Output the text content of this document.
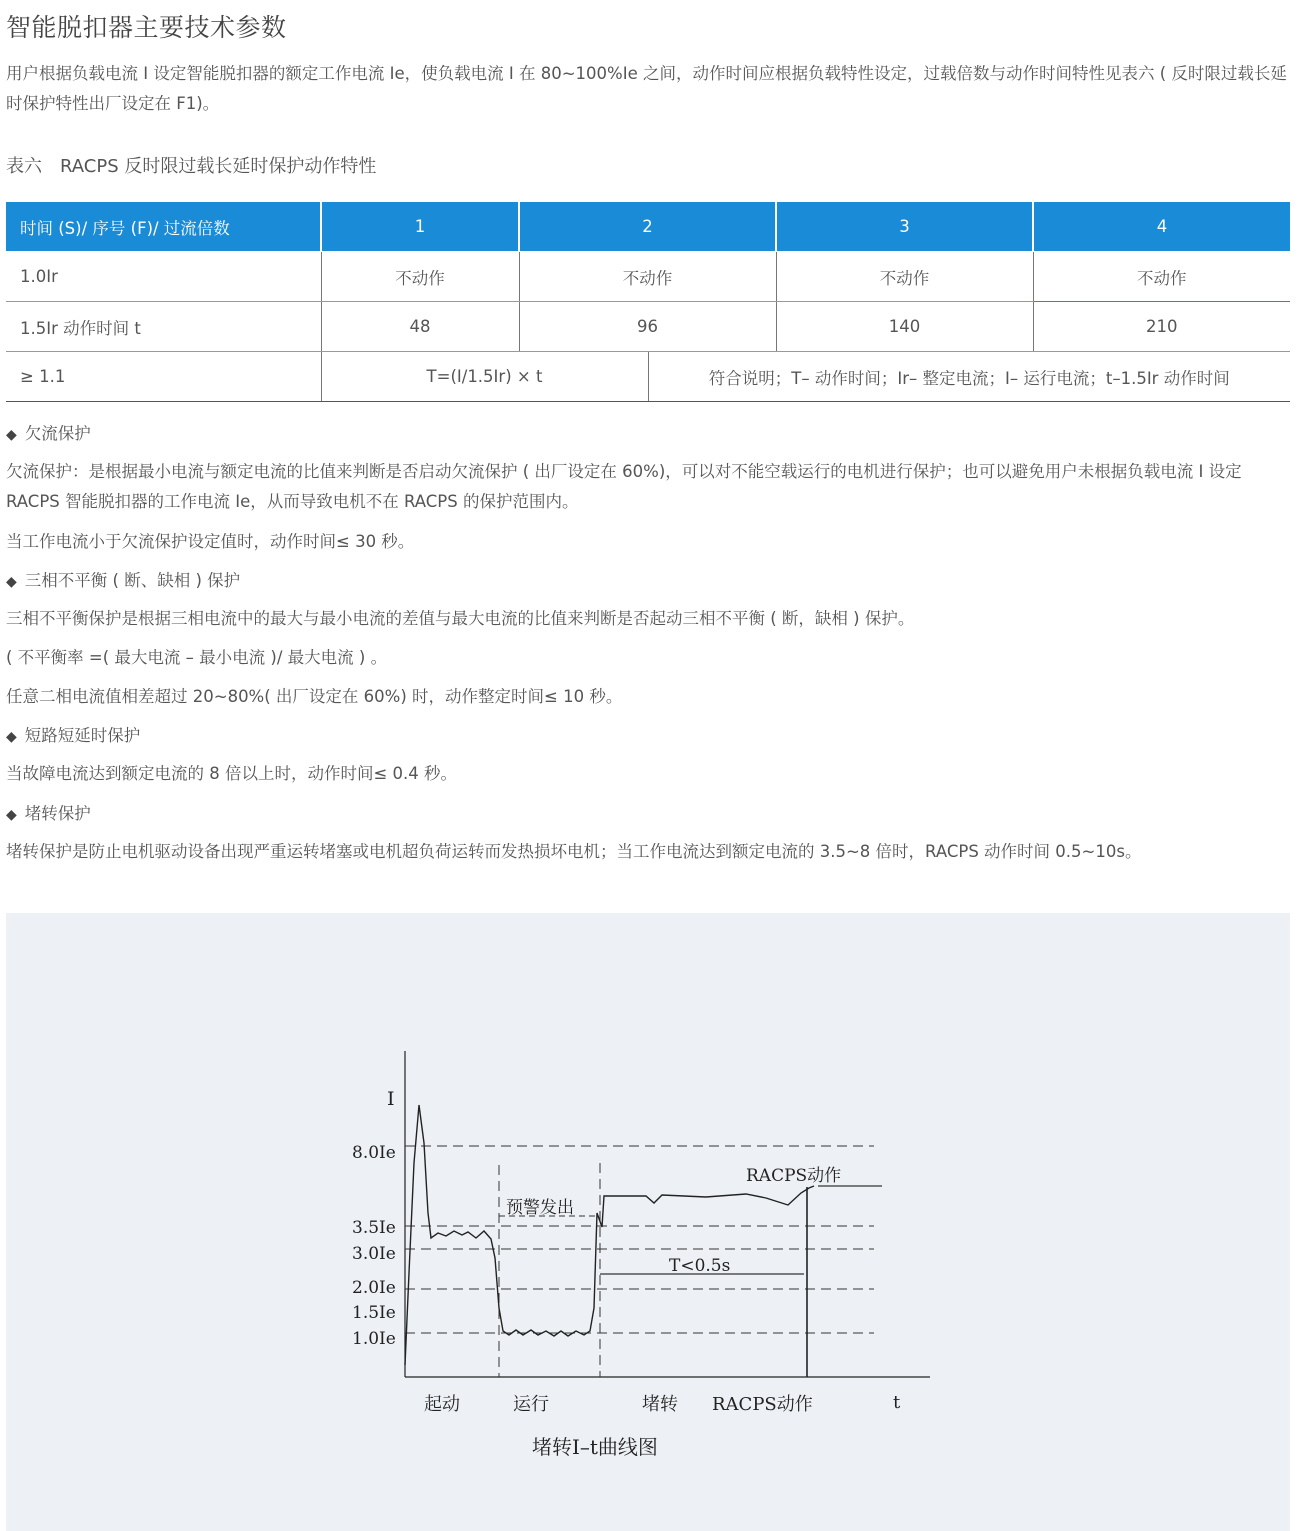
智能脱扣器主要技术参数

用户根据负载电流 I 设定智能脱扣器的额定工作电流 Ie，使负载电流 I 在 80~100%Ie 之间，动作时间应根据负载特性设定，过载倍数与动作时间特性见表六 ( 反时限过载长延时保护特性出厂设定在 F1)。

表六 RACPS 反时限过载长延时保护动作特性
时间 (S)/ 序号 (F)/ 过流倍数	1	2		3	4
1.0Ir	不动作	不动作		不动作	不动作
1.5Ir 动作时间 t	48	96		140	210
≥ 1.1	T=(I/1.5Ir) × t		符合说明；T– 动作时间；Ir– 整定电流；I– 运行电流；t–1.5Ir 动作时间		
◆ 欠流保护

欠流保护：是根据最小电流与额定电流的比值来判断是否启动欠流保护 ( 出厂设定在 60%)，可以对不能空载运行的电机进行保护；也可以避免用户未根据负载电流 I 设定 RACPS 智能脱扣器的工作电流 Ie，从而导致电机不在 RACPS 的保护范围内。

当工作电流小于欠流保护设定值时，动作时间≤ 30 秒。

◆ 三相不平衡 ( 断、缺相 ) 保护

三相不平衡保护是根据三相电流中的最大与最小电流的差值与最大电流的比值来判断是否起动三相不平衡 ( 断，缺相 ) 保护。

( 不平衡率 =( 最大电流 – 最小电流 )/ 最大电流 ) 。

任意二相电流值相差超过 20~80%( 出厂设定在 60%) 时，动作整定时间≤ 10 秒。

◆ 短路短延时保护

当故障电流达到额定电流的 8 倍以上时，动作时间≤ 0.4 秒。

◆ 堵转保护

堵转保护是防止电机驱动设备出现严重运转堵塞或电机超负荷运转而发热损坏电机；当工作电流达到额定电流的 3.5~8 倍时，RACPS 动作时间 0.5~10s。

I
8.0Ie
3.5Ie
3.0Ie
2.0Ie
1.5Ie
1.0Ie
预警发出
RACPS动作
T<0.5s
起动	运行	堵转 RACPS动作	t
堵转I–t曲线图
